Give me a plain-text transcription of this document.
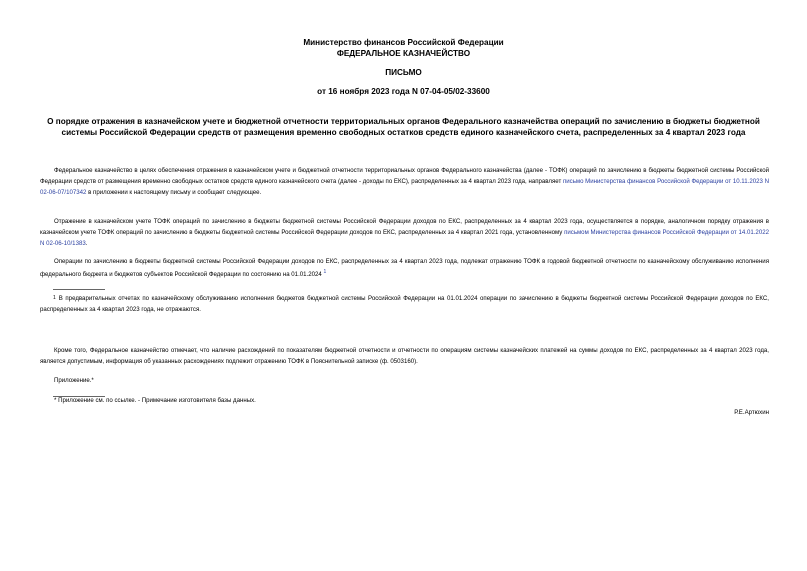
Министерство финансов Российской Федерации
ФЕДЕРАЛЬНОЕ КАЗНАЧЕЙСТВО
ПИСЬМО
от 16 ноября 2023 года N 07-04-05/02-33600
О порядке отражения в казначейском учете и бюджетной отчетности территориальных органов Федерального казначейства операций по зачислению в бюджеты бюджетной системы Российской Федерации средств от размещения временно свободных остатков средств единого казначейского счета, распределенных за 4 квартал 2023 года
Федеральное казначейство в целях обеспечения отражения в казначейском учете и бюджетной отчетности территориальных органов Федерального казначейства (далее - ТОФК) операций по зачислению в бюджеты бюджетной системы Российской Федерации средств от размещения временно свободных остатков средств единого казначейского счета (далее - доходы по ЕКС), распределенных за 4 квартал 2023 года, направляет письмо Министерства финансов Российской Федерации от 10.11.2023 N 02-06-07/107342 в приложении к настоящему письму и сообщает следующее.
Отражение в казначейском учете ТОФК операций по зачислению в бюджеты бюджетной системы Российской Федерации доходов по ЕКС, распределенных за 4 квартал 2023 года, осуществляется в порядке, аналогичном порядку отражения в казначейском учете ТОФК операций по зачислению в бюджеты бюджетной системы Российской Федерации доходов по ЕКС, распределенных за 4 квартал 2021 года, установленному письмом Министерства финансов Российской Федерации от 14.01.2022 N 02-06-10/1383.
Операции по зачислению в бюджеты бюджетной системы Российской Федерации доходов по ЕКС, распределенных за 4 квартал 2023 года, подлежат отражению ТОФК в годовой бюджетной отчетности по казначейскому обслуживанию исполнения федерального бюджета и бюджетов субъектов Российской Федерации по состоянию на 01.01.2024 $^1$
$^1$ В предварительных отчетах по казначейскому обслуживанию исполнения бюджетов бюджетной системы Российской Федерации на 01.01.2024 операции по зачислению в бюджеты бюджетной системы Российской Федерации доходов по ЕКС, распределенных за 4 квартал 2023 года, не отражаются.
Кроме того, Федеральное казначейство отмечает, что наличие расхождений по показателям бюджетной отчетности и отчетности по операциям системы казначейских платежей на суммы доходов по ЕКС, распределенных за 4 квартал 2023 года, является допустимым, информация об указанных расхождениях подлежит отражению ТОФК в Пояснительной записке (ф. 0503160).
Приложение.*
* Приложение см. по ссылке. - Примечание изготовителя базы данных.
Р.Е.Артюхин
